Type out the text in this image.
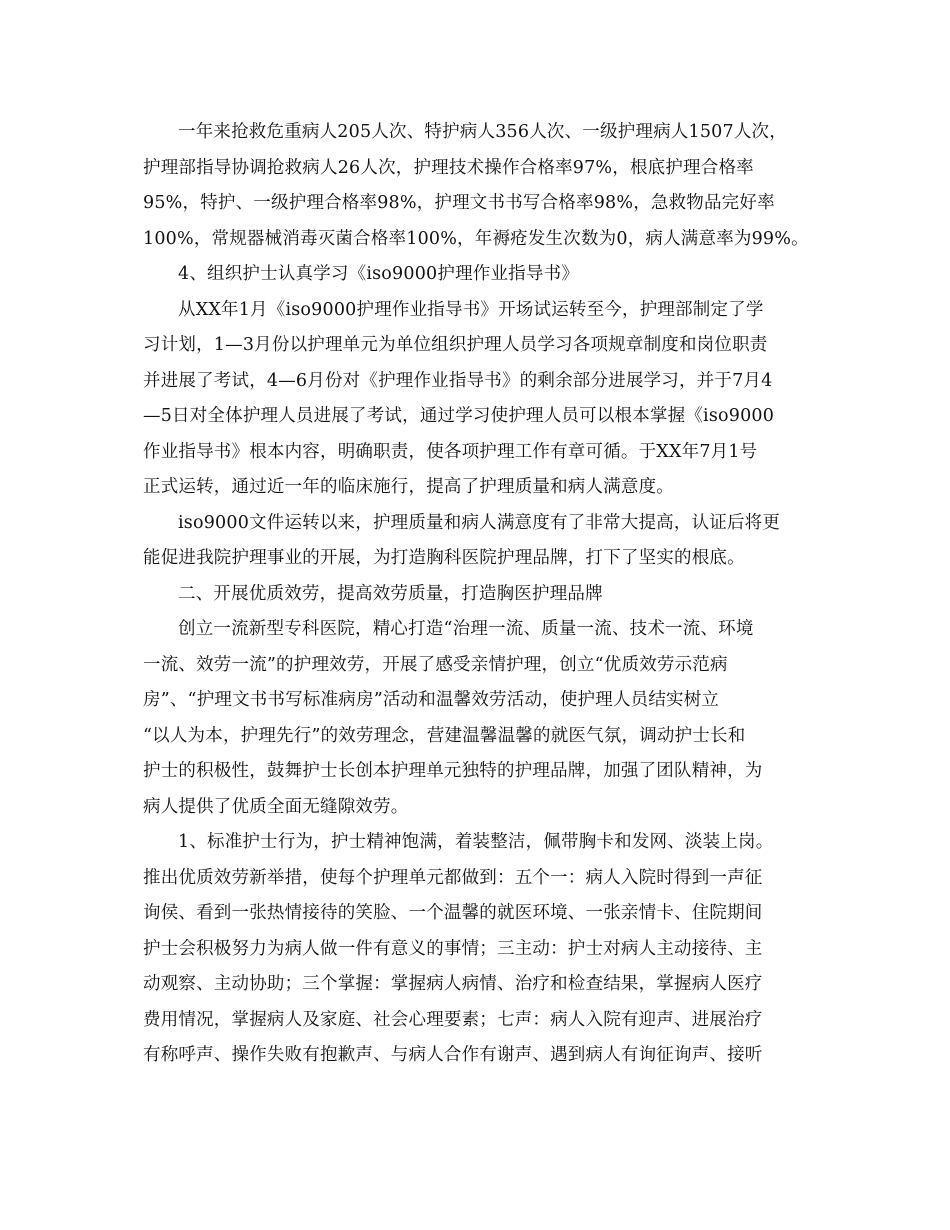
一年来抢救危重病人205人次、特护病人356人次、一级护理病人1507人次，
护理部指导协调抢救病人26人次，护理技术操作合格率97%，根底护理合格率
95%，特护、一级护理合格率98%，护理文书书写合格率98%，急救物品完好率
100%，常规器械消毒灭菌合格率100%，年褥疮发生次数为0，病人满意率为99%。
4、组织护士认真学习《iso9000护理作业指导书》
从XX年1月《iso9000护理作业指导书》开场试运转至今，护理部制定了学
习计划，1—3月份以护理单元为单位组织护理人员学习各项规章制度和岗位职责
并进展了考试，4—6月份对《护理作业指导书》的剩余部分进展学习，并于7月4
—5日对全体护理人员进展了考试，通过学习使护理人员可以根本掌握《iso9000
作业指导书》根本内容，明确职责，使各项护理工作有章可循。于XX年7月1号
正式运转，通过近一年的临床施行，提高了护理质量和病人满意度。
iso9000文件运转以来，护理质量和病人满意度有了非常大提高，认证后将更
能促进我院护理事业的开展，为打造胸科医院护理品牌，打下了坚实的根底。
二、开展优质效劳，提高效劳质量，打造胸医护理品牌
创立一流新型专科医院，精心打造“治理一流、质量一流、技术一流、环境
一流、效劳一流”的护理效劳，开展了感受亲情护理，创立“优质效劳示范病
房”、“护理文书书写标准病房”活动和温馨效劳活动，使护理人员结实树立
“以人为本，护理先行”的效劳理念，营建温馨温馨的就医气氛，调动护士长和
护士的积极性，鼓舞护士长创本护理单元独特的护理品牌，加强了团队精神，为
病人提供了优质全面无缝隙效劳。
1、标准护士行为，护士精神饱满，着装整洁，佩带胸卡和发网、淡装上岗。
推出优质效劳新举措，使每个护理单元都做到：五个一：病人入院时得到一声征
询侯、看到一张热情接待的笑脸、一个温馨的就医环境、一张亲情卡、住院期间
护士会积极努力为病人做一件有意义的事情；三主动：护士对病人主动接待、主
动观察、主动协助；三个掌握：掌握病人病情、治疗和检查结果，掌握病人医疗
费用情况，掌握病人及家庭、社会心理要素；七声：病人入院有迎声、进展治疗
有称呼声、操作失败有抱歉声、与病人合作有谢声、遇到病人有询征询声、接听
